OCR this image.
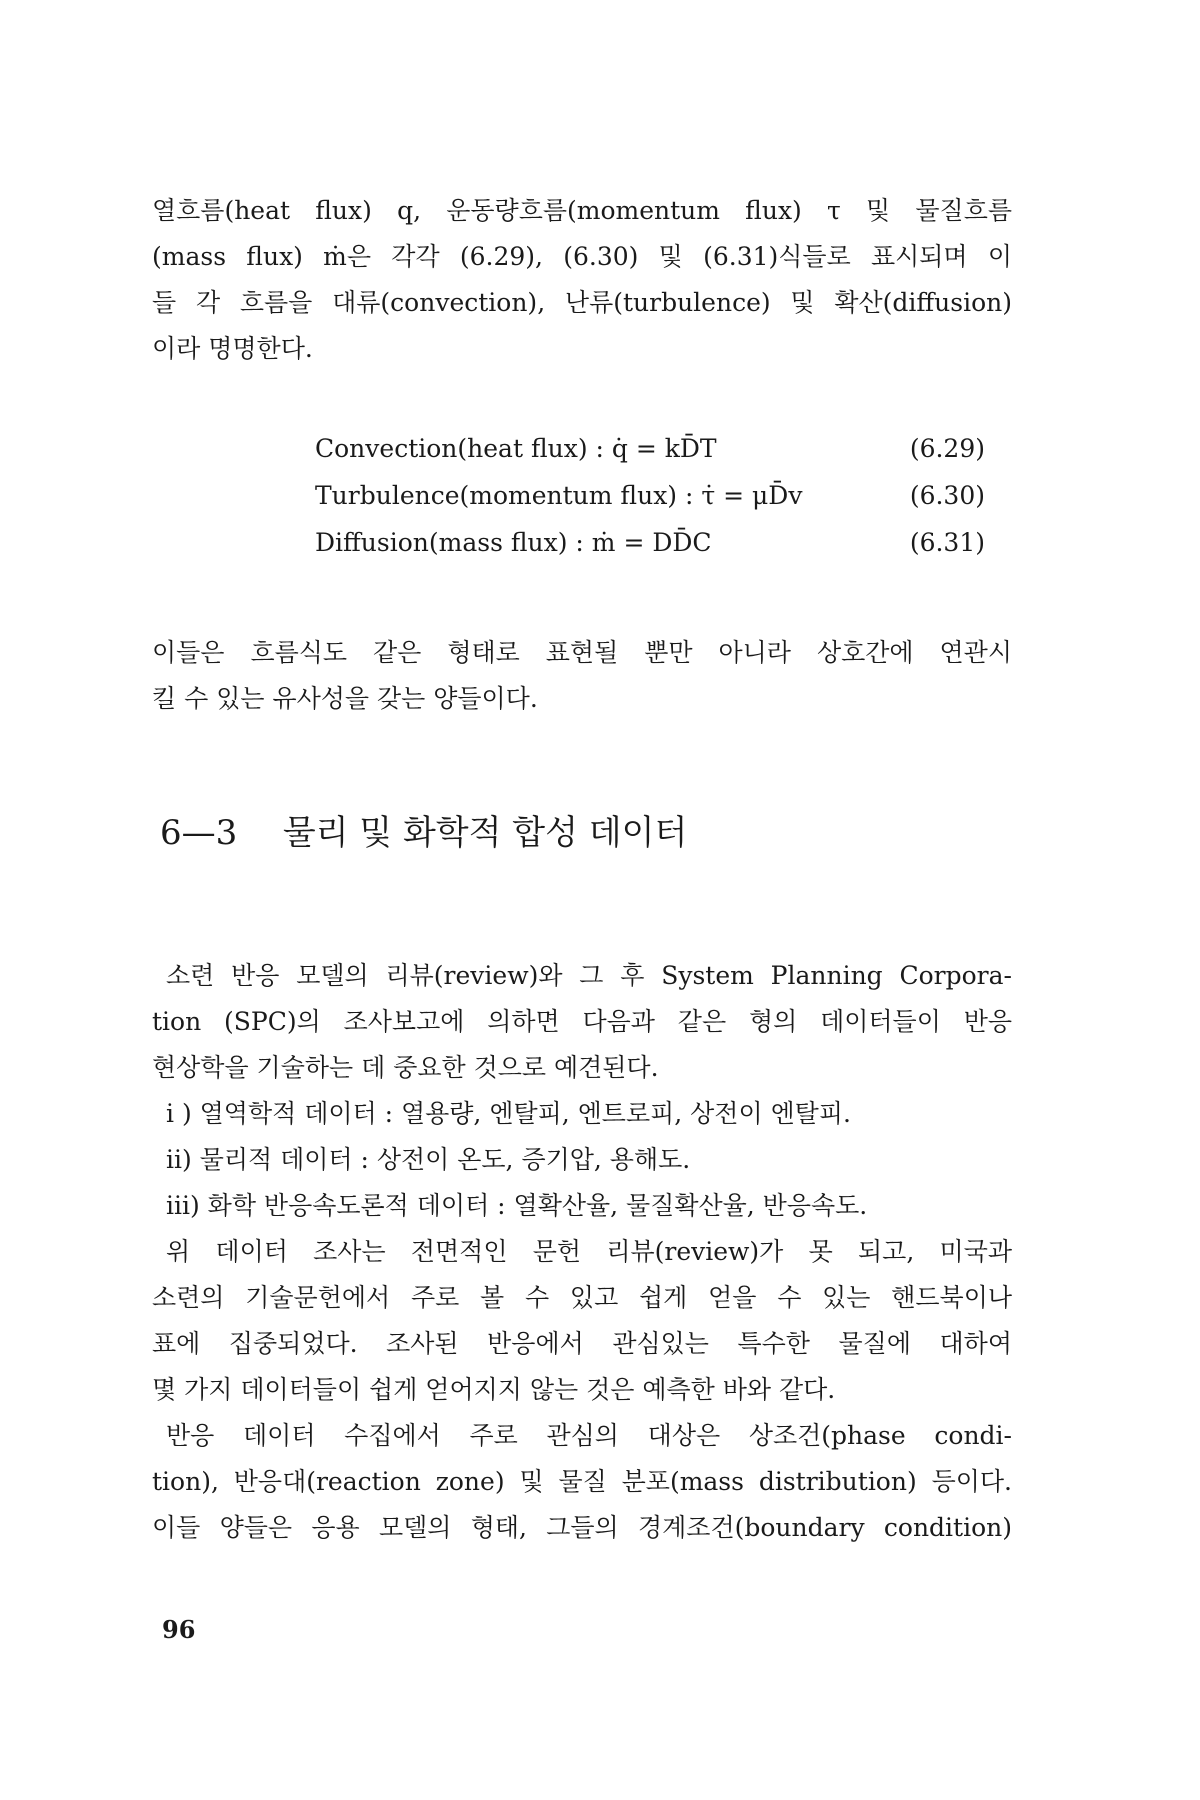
열흐름(heat flux) q, 운동량흐름(momentum flux) τ 및 물질흐름
(mass flux) ṁ은 각각 (6.29), (6.30) 및 (6.31)식들로 표시되며 이
들 각 흐름을 대류(convection), 난류(turbulence) 및 확산(diffusion)
이라 명명한다.
Convection(heat flux) : q̇ = kD̄T	(6.29)
Turbulence(momentum flux) : τ̇ = μD̄v	(6.30)
Diffusion(mass flux) : ṁ = DD̄C	(6.31)
이들은 흐름식도 같은 형태로 표현될 뿐만 아니라 상호간에 연관시
킬 수 있는 유사성을 갖는 양들이다.
6—3 물리 및 화학적 합성 데이터
소련 반응 모델의 리뷰(review)와 그 후 System Planning Corpora-
tion (SPC)의 조사보고에 의하면 다음과 같은 형의 데이터들이 반응
현상학을 기술하는 데 중요한 것으로 예견된다.
i ) 열역학적 데이터 : 열용량, 엔탈피, 엔트로피, 상전이 엔탈피.
ii) 물리적 데이터 : 상전이 온도, 증기압, 용해도.
iii) 화학 반응속도론적 데이터 : 열확산율, 물질확산율, 반응속도.
위 데이터 조사는 전면적인 문헌 리뷰(review)가 못 되고, 미국과
소련의 기술문헌에서 주로 볼 수 있고 쉽게 얻을 수 있는 핸드북이나
표에 집중되었다. 조사된 반응에서 관심있는 특수한 물질에 대하여
몇 가지 데이터들이 쉽게 얻어지지 않는 것은 예측한 바와 같다.
반응 데이터 수집에서 주로 관심의 대상은 상조건(phase condi-
tion), 반응대(reaction zone) 및 물질 분포(mass distribution) 등이다.
이들 양들은 응용 모델의 형태, 그들의 경계조건(boundary condition)
96
